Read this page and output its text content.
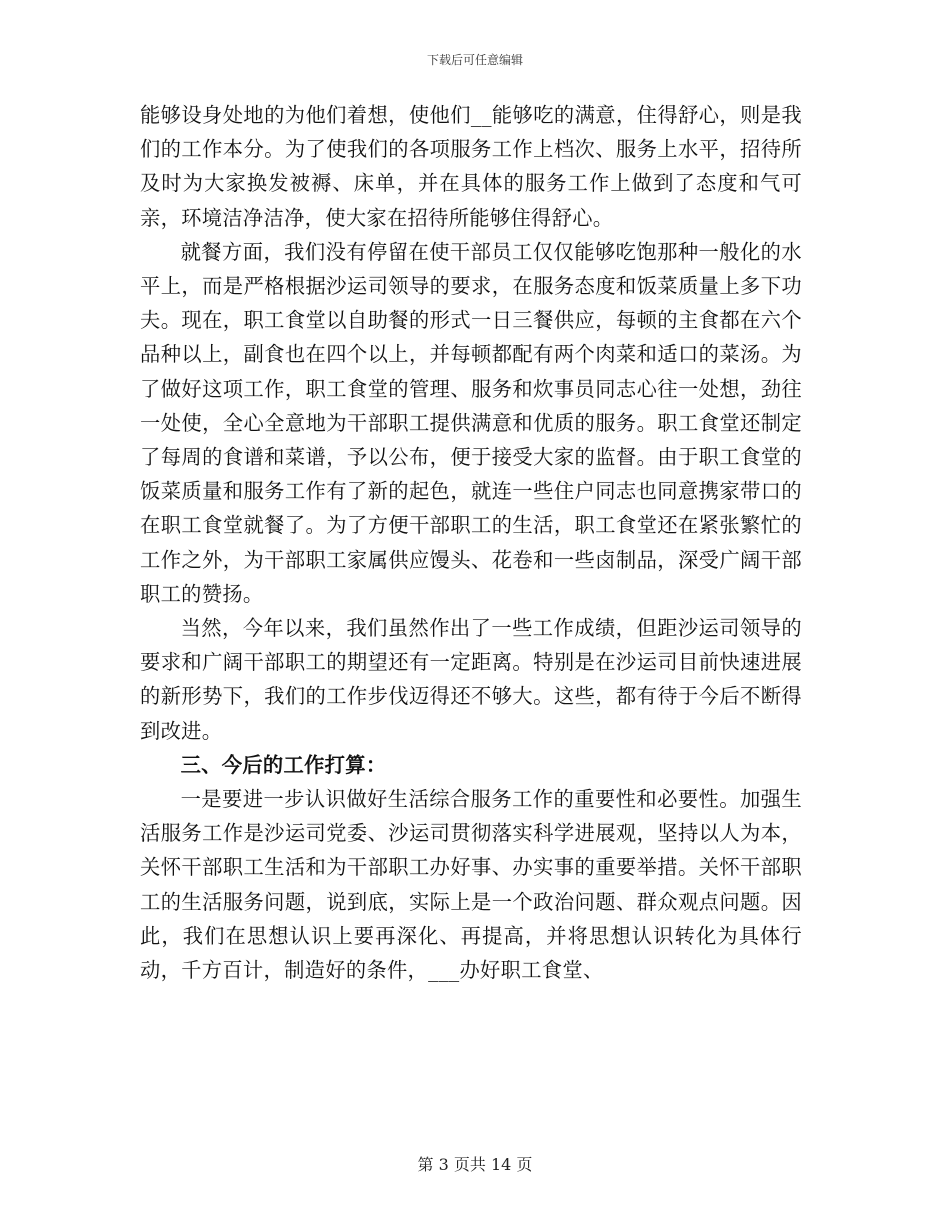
下载后可任意编辑

能够设身处地的为他们着想，使他们__能够吃的满意，住得舒心，则是我们的工作本分。为了使我们的各项服务工作上档次、服务上水平，招待所及时为大家换发被褥、床单，并在具体的服务工作上做到了态度和气可亲，环境洁净洁净，使大家在招待所能够住得舒心。

就餐方面，我们没有停留在使干部员工仅仅能够吃饱那种一般化的水平上，而是严格根据沙运司领导的要求，在服务态度和饭菜质量上多下功夫。现在，职工食堂以自助餐的形式一日三餐供应，每顿的主食都在六个品种以上，副食也在四个以上，并每顿都配有两个肉菜和适口的菜汤。为了做好这项工作，职工食堂的管理、服务和炊事员同志心往一处想，劲往一处使，全心全意地为干部职工提供满意和优质的服务。职工食堂还制定了每周的食谱和菜谱，予以公布，便于接受大家的监督。由于职工食堂的饭菜质量和服务工作有了新的起色，就连一些住户同志也同意携家带口的在职工食堂就餐了。为了方便干部职工的生活，职工食堂还在紧张繁忙的工作之外，为干部职工家属供应馒头、花卷和一些卤制品，深受广阔干部职工的赞扬。

当然，今年以来，我们虽然作出了一些工作成绩，但距沙运司领导的要求和广阔干部职工的期望还有一定距离。特别是在沙运司目前快速进展的新形势下，我们的工作步伐迈得还不够大。这些，都有待于今后不断得到改进。

三、今后的工作打算：

一是要进一步认识做好生活综合服务工作的重要性和必要性。加强生活服务工作是沙运司党委、沙运司贯彻落实科学进展观，坚持以人为本，关怀干部职工生活和为干部职工办好事、办实事的重要举措。关怀干部职工的生活服务问题，说到底，实际上是一个政治问题、群众观点问题。因此，我们在思想认识上要再深化、再提高，并将思想认识转化为具体行动，千方百计，制造好的条件，___办好职工食堂、

第 3 页共 14 页
